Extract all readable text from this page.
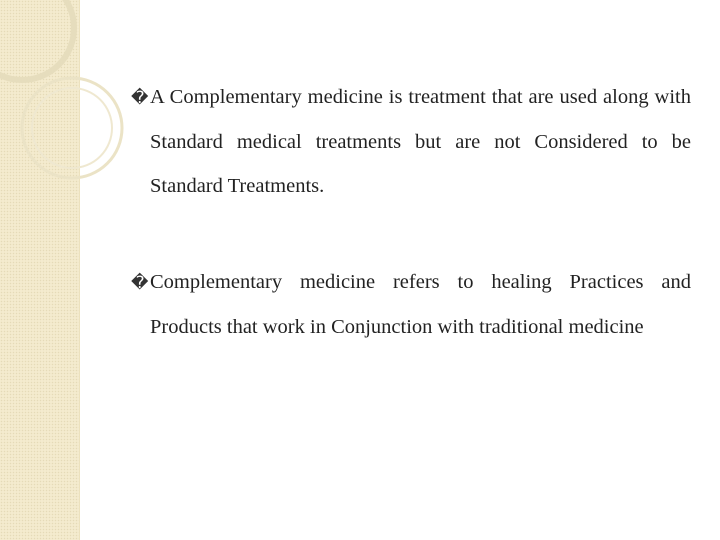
�A Complementary medicine is treatment that are used along with Standard medical treatments but are not Considered to be Standard Treatments.

�Complementary medicine refers to healing Practices and Products that work in Conjunction with traditional medicine
